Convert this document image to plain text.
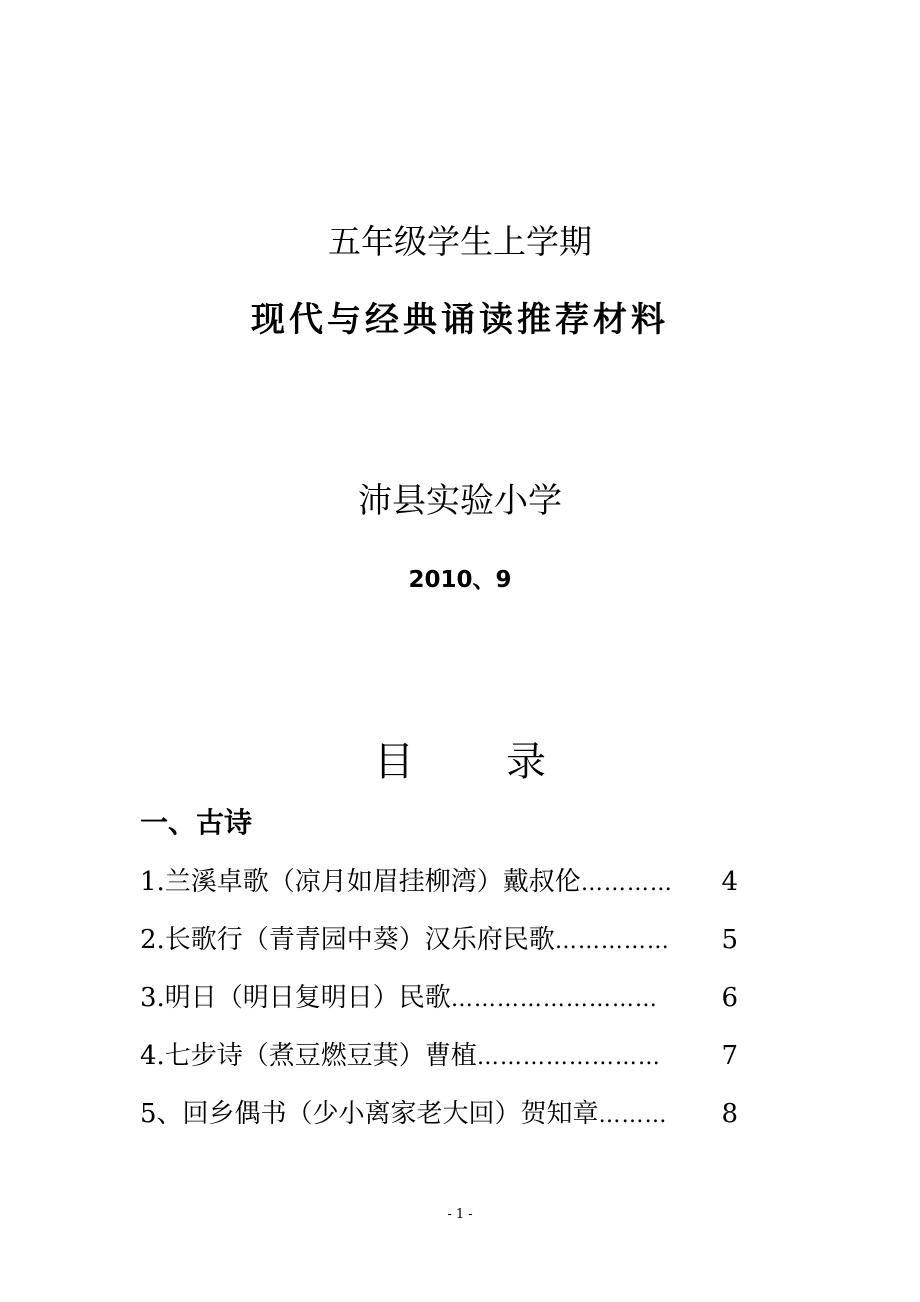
五年级学生上学期
现代与经典诵读推荐材料
沛县实验小学
2010、9
目 录
一、古诗
1.兰溪卓歌（凉月如眉挂柳湾）戴叔伦 …………	4
2.长歌行（青青园中葵）汉乐府民歌 ……………	5
3.明日（明日复明日）民歌 ………………………	6
4.七步诗（煮豆燃豆萁）曹植 ……………………	7
5、回乡偶书（少小离家老大回）贺知章 ………	8
- 1 -
